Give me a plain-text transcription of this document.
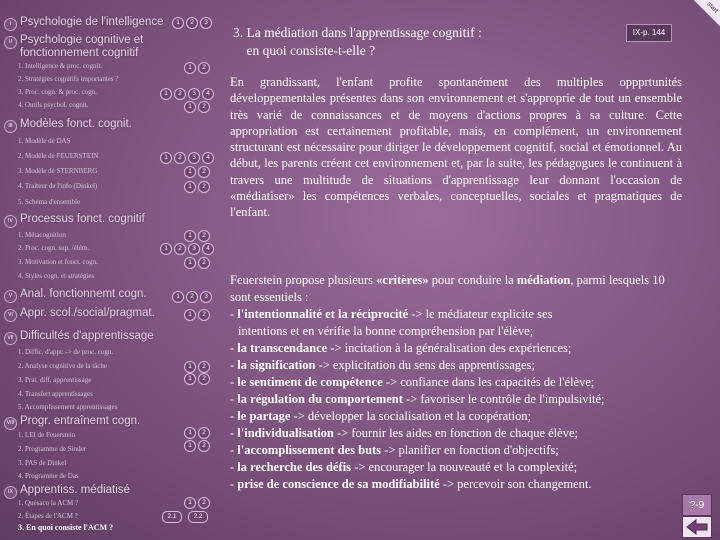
I Psychologie de l'intelligence	1	2	3
II Psychologie cognitive et
fonctionnement cognitif
1. Intelligence & proc. cognit.	1	2
2. Stratégies cognitifs importantes ?
3. Proc. cogn. & proc. cogn.	1	2	3	4
4. Outils psychol. cognit.	1	2
III Modèles fonct. cognit.
1. Modèle de DAS
2. Modèle de FEUERSTEIN	1	2	3	4
3. Modèle de STERNBERG	1	2
4. Traiteur de l'info (Dinkel)	1	2
5. Schéma d'ensemble
IV Processus fonct. cognitif
1. Métacognition	1	2
2. Proc. cogn. sup. /élém.	1	2	3	4
3. Motivation et fonct. cogn.	1	2
4. Styles cogn. et stratégies
V Anal. fonctionnemt cogn.	1	2	3
VI Appr. scol./social/pragmat.	1	2
VII Difficultés d'apprentissage
1. Diffic. d'appr. -> de proc. cogn.
2. Analyse cognitive de la tâche	1	2
3. Prat. diff. apprentissage	1	2
4. Transfert apprentissages
5. Accomplissement apprentissages
VIII Progr. entraînemt cogn.
1. LEI de Feuerstein	1	2
2. Programme de Sinder	1	2
3. PAS de Dinkel
4. Programme de Das
IX Apprentiss. médiatisé
1. Quésaco la ACM ?	1	2
2. Étapes de l'ACM ?	2.1	2.2
3. En quoi consiste l'ACM ?
start
3. La médiation dans l'apprentissage cognitif :
en quoi consiste-t-elle ?
IX-p. 144
En grandissant, l'enfant profite spontanément des multiples oppprtunités développementales présentes dans son environnement et s'approprie de tout un ensemble très varié de connaissances et de moyens d'actions propres à sa culture. Cette appropriation est certainement profitable, mais, en complément, un environnement structurant est nécessaire pour diriger le développement cognitif, social et émotionnel. Au début, les parents créent cet environnement et, par la suite, les pédagogues le continuent à travers une multitude de situations d'apprentissage leur donnant l'occasion de «médiatiser» les compétences verbales, conceptuelles, sociales et pragmatiques de l'enfant.

Feuerstein propose plusieurs «critères» pour conduire la médiation, parmi lesquels 10 sont essentiels :

- l'intentionnalité et la réciprocité -> le médiateur explicite ses

intentions et en vérifie la bonne compréhension par l'élève;

- la transcendance -> incitation à la généralisation des expériences;

- la signification -> explicitation du sens des apprentissages;

- le sentiment de compétence -> confiance dans les capacités de l'élève;

- la régulation du comportement -> favoriser le contrôle de l'impulsivité;

- le partage -> développer la socialisation et la coopération;

- l'individualisation -> fournir les aides en fonction de chaque élève;

- l'accomplissement des buts -> planifier en fonction d'objectifs;

- la recherche des défis -> encourager la nouveauté et la complexité;

- prise de conscience de sa modifiabilité -> percevoir son changement.

?-9
